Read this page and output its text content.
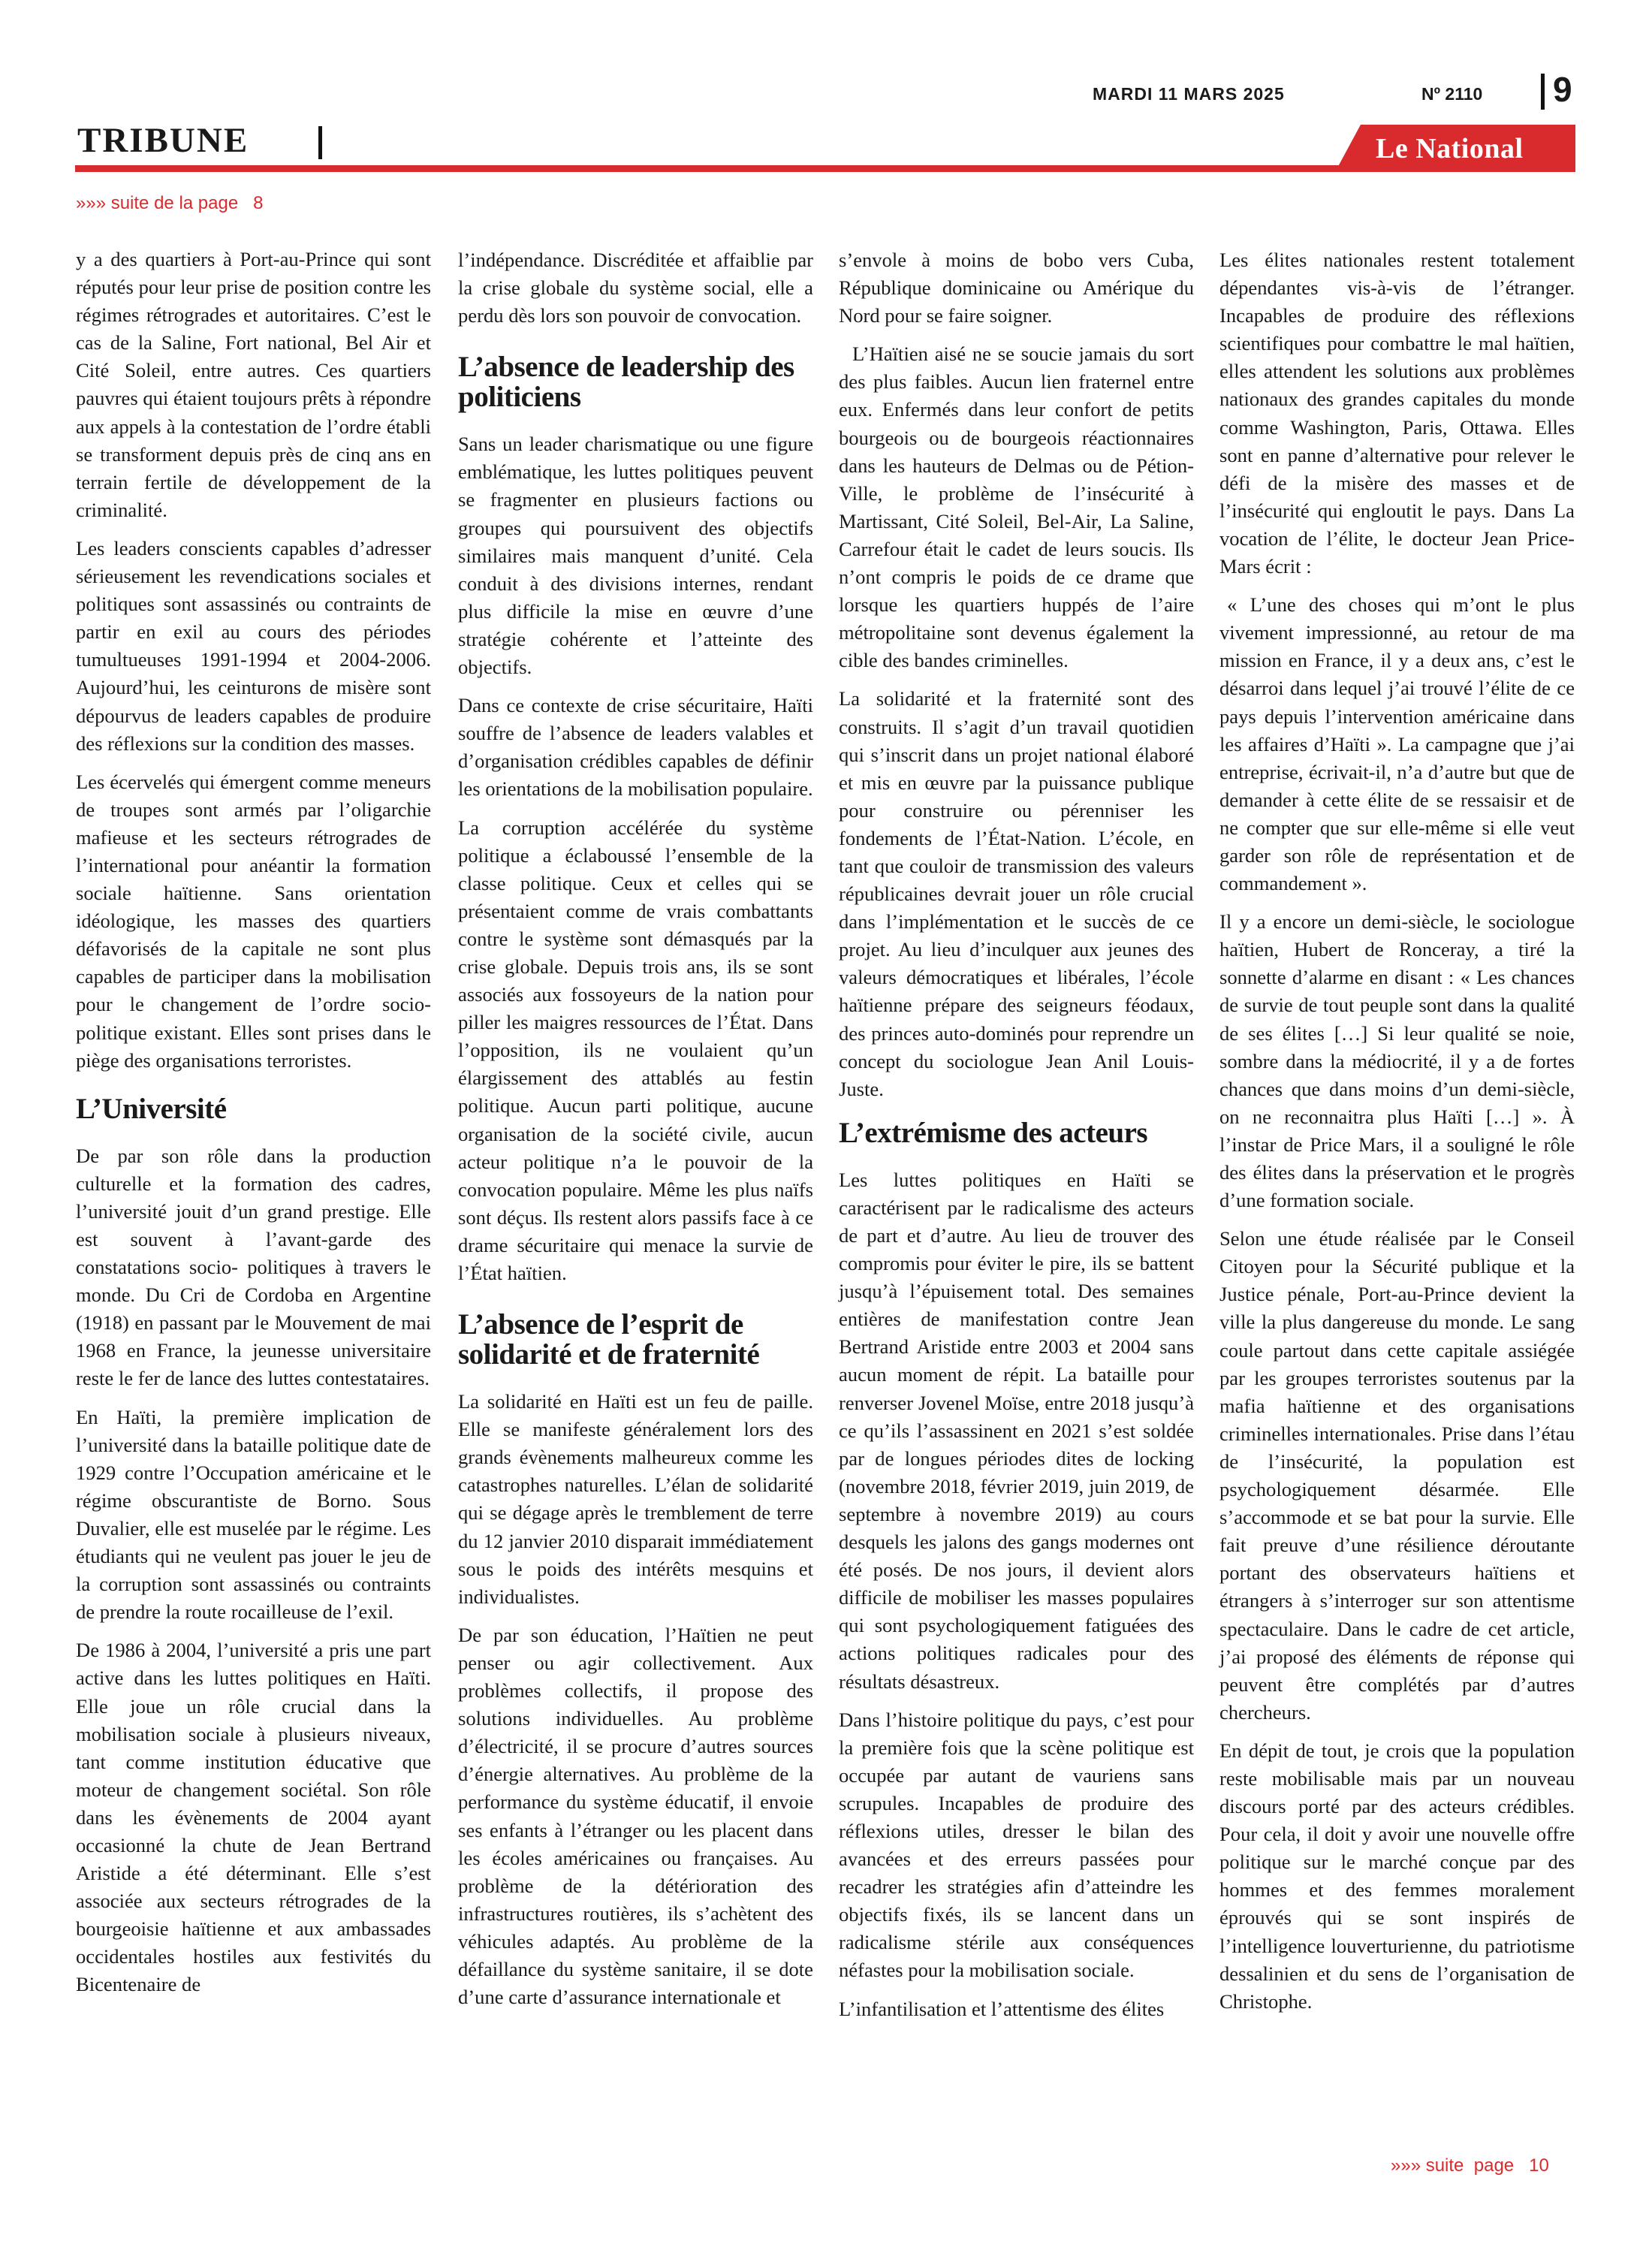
MARDI 11 MARS 2025	Nº 2110 9
TRIBUNE	Le National
»»» suite de la page   8

y a des quartiers à Port-au-Prince qui sont réputés pour leur prise de position contre les régimes rétrogrades et autoritaires. C’est le cas de la Saline, Fort national, Bel Air et Cité Soleil, entre autres. Ces quartiers pauvres qui étaient toujours prêts à répondre aux appels à la contestation de l’ordre établi se transforment depuis près de cinq ans en terrain fertile de développement de la criminalité.

Les leaders conscients capables d’adresser sérieusement les revendications sociales et politiques sont assassinés ou contraints de partir en exil au cours des périodes tumultueuses 1991-1994 et 2004-2006. Aujourd’hui, les ceinturons de misère sont dépourvus de leaders capables de produire des réflexions sur la condition des masses.

Les écervelés qui émergent comme meneurs de troupes sont armés par l’oligarchie mafieuse et les secteurs rétrogrades de l’international pour anéantir la formation sociale haïtienne. Sans orientation idéologique, les masses des quartiers défavorisés de la capitale ne sont plus capables de participer dans la mobilisation pour le changement de l’ordre socio-politique existant. Elles sont prises dans le piège des organisations terroristes.

L’Université

De par son rôle dans la production culturelle et la formation des cadres, l’université jouit d’un grand prestige. Elle est souvent à l’avant-garde des constatations socio- politiques à travers le monde. Du Cri de Cordoba en Argentine (1918) en passant par le Mouvement de mai 1968 en France, la jeunesse universitaire reste le fer de lance des luttes contestataires.

En Haïti, la première implication de l’université dans la bataille politique date de 1929 contre l’Occupation américaine et le régime obscurantiste de Borno. Sous Duvalier, elle est muselée par le régime. Les étudiants qui ne veulent pas jouer le jeu de la corruption sont assassinés ou contraints de prendre la route rocailleuse de l’exil.

De 1986 à 2004, l’université a pris une part active dans les luttes politiques en Haïti. Elle joue un rôle crucial dans la mobilisation sociale à plusieurs niveaux, tant comme institution éducative que moteur de changement sociétal. Son rôle dans les évènements de 2004 ayant occasionné la chute de Jean Bertrand Aristide a été déterminant. Elle s’est associée aux secteurs rétrogrades de la bourgeoisie haïtienne et aux ambassades occidentales hostiles aux festivités du Bicentenaire de

l’indépendance. Discréditée et affaiblie par la crise globale du système social, elle a perdu dès lors son pouvoir de convocation.

L’absence de leadership des politiciens

Sans un leader charismatique ou une figure emblématique, les luttes politiques peuvent se fragmenter en plusieurs factions ou groupes qui poursuivent des objectifs similaires mais manquent d’unité. Cela conduit à des divisions internes, rendant plus difficile la mise en œuvre d’une stratégie cohérente et l’atteinte des objectifs.

Dans ce contexte de crise sécuritaire, Haïti souffre de l’absence de leaders valables et d’organisation crédibles capables de définir les orientations de la mobilisation populaire.

La corruption accélérée du système politique a éclaboussé l’ensemble de la classe politique. Ceux et celles qui se présentaient comme de vrais combattants contre le système sont démasqués par la crise globale. Depuis trois ans, ils se sont associés aux fossoyeurs de la nation pour piller les maigres ressources de l’État. Dans l’opposition, ils ne voulaient qu’un élargissement des attablés au festin politique. Aucun parti politique, aucune organisation de la société civile, aucun acteur politique n’a le pouvoir de la convocation populaire. Même les plus naïfs sont déçus. Ils restent alors passifs face à ce drame sécuritaire qui menace la survie de l’État haïtien.

L’absence de l’esprit de solidarité et de fraternité

La solidarité en Haïti est un feu de paille. Elle se manifeste généralement lors des grands évènements malheureux comme les catastrophes naturelles. L’élan de solidarité qui se dégage après le tremblement de terre du 12 janvier 2010 disparait immédiatement sous le poids des intérêts mesquins et individualistes.

De par son éducation, l’Haïtien ne peut penser ou agir collectivement. Aux problèmes collectifs, il propose des solutions individuelles. Au problème d’électricité, il se procure d’autres sources d’énergie alternatives. Au problème de la performance du système éducatif, il envoie ses enfants à l’étranger ou les placent dans les écoles américaines ou françaises. Au problème de la détérioration des infrastructures routières, ils s’achètent des véhicules adaptés. Au problème de la défaillance du système sanitaire, il se dote d’une carte d’assurance internationale et

s’envole à moins de bobo vers Cuba, République dominicaine ou Amérique du Nord pour se faire soigner.

L’Haïtien aisé ne se soucie jamais du sort des plus faibles. Aucun lien fraternel entre eux. Enfermés dans leur confort de petits bourgeois ou de bourgeois réactionnaires dans les hauteurs de Delmas ou de Pétion-Ville, le problème de l’insécurité à Martissant, Cité Soleil, Bel-Air, La Saline, Carrefour était le cadet de leurs soucis. Ils n’ont compris le poids de ce drame que lorsque les quartiers huppés de l’aire métropolitaine sont devenus également la cible des bandes criminelles.

La solidarité et la fraternité sont des construits. Il s’agit d’un travail quotidien qui s’inscrit dans un projet national élaboré et mis en œuvre par la puissance publique pour construire ou pérenniser les fondements de l’État-Nation. L’école, en tant que couloir de transmission des valeurs républicaines devrait jouer un rôle crucial dans l’implémentation et le succès de ce projet. Au lieu d’inculquer aux jeunes des valeurs démocratiques et libérales, l’école haïtienne prépare des seigneurs féodaux, des princes auto-dominés pour reprendre un concept du sociologue Jean Anil Louis-Juste.

L’extrémisme des acteurs

Les luttes politiques en Haïti se caractérisent par le radicalisme des acteurs de part et d’autre. Au lieu de trouver des compromis pour éviter le pire, ils se battent jusqu’à l’épuisement total. Des semaines entières de manifestation contre Jean Bertrand Aristide entre 2003 et 2004 sans aucun moment de répit. La bataille pour renverser Jovenel Moïse, entre 2018 jusqu’à ce qu’ils l’assassinent en 2021 s’est soldée par de longues périodes dites de locking (novembre 2018, février 2019, juin 2019, de septembre à novembre 2019) au cours desquels les jalons des gangs modernes ont été posés. De nos jours, il devient alors difficile de mobiliser les masses populaires qui sont psychologiquement fatiguées des actions politiques radicales pour des résultats désastreux.

Dans l’histoire politique du pays, c’est pour la première fois que la scène politique est occupée par autant de vauriens sans scrupules. Incapables de produire des réflexions utiles, dresser le bilan des avancées et des erreurs passées pour recadrer les stratégies afin d’atteindre les objectifs fixés, ils se lancent dans un radicalisme stérile aux conséquences néfastes pour la mobilisation sociale.

L’infantilisation et l’attentisme des élites

Les élites nationales restent totalement dépendantes vis-à-vis de l’étranger. Incapables de produire des réflexions scientifiques pour combattre le mal haïtien, elles attendent les solutions aux problèmes nationaux des grandes capitales du monde comme Washington, Paris, Ottawa. Elles sont en panne d’alternative pour relever le défi de la misère des masses et de l’insécurité qui engloutit le pays. Dans La vocation de l’élite, le docteur Jean Price-Mars écrit :

« L’une des choses qui m’ont le plus vivement impressionné, au retour de ma mission en France, il y a deux ans, c’est le désarroi dans lequel j’ai trouvé l’élite de ce pays depuis l’intervention américaine dans les affaires d’Haïti ». La campagne que j’ai entreprise, écrivait-il, n’a d’autre but que de demander à cette élite de se ressaisir et de ne compter que sur elle-même si elle veut garder son rôle de représentation et de commandement ».

Il y a encore un demi-siècle, le sociologue haïtien, Hubert de Ronceray, a tiré la sonnette d’alarme en disant : « Les chances de survie de tout peuple sont dans la qualité de ses élites […] Si leur qualité se noie, sombre dans la médiocrité, il y a de fortes chances que dans moins d’un demi-siècle, on ne reconnaitra plus Haïti […] ». À l’instar de Price Mars, il a souligné le rôle des élites dans la préservation et le progrès d’une formation sociale.

Selon une étude réalisée par le Conseil Citoyen pour la Sécurité publique et la Justice pénale, Port-au-Prince devient la ville la plus dangereuse du monde. Le sang coule partout dans cette capitale assiégée par les groupes terroristes soutenus par la mafia haïtienne et des organisations criminelles internationales. Prise dans l’étau de l’insécurité, la population est psychologiquement désarmée. Elle s’accommode et se bat pour la survie. Elle fait preuve d’une résilience déroutante portant des observateurs haïtiens et étrangers à s’interroger sur son attentisme spectaculaire. Dans le cadre de cet article, j’ai proposé des éléments de réponse qui peuvent être complétés par d’autres chercheurs.

En dépit de tout, je crois que la population reste mobilisable mais par un nouveau discours porté par des acteurs crédibles. Pour cela, il doit y avoir une nouvelle offre politique sur le marché conçue par des hommes et des femmes moralement éprouvés qui se sont inspirés de l’intelligence louverturienne, du patriotisme dessalinien et du sens de l’organisation de Christophe.

»»» suite  page   10
